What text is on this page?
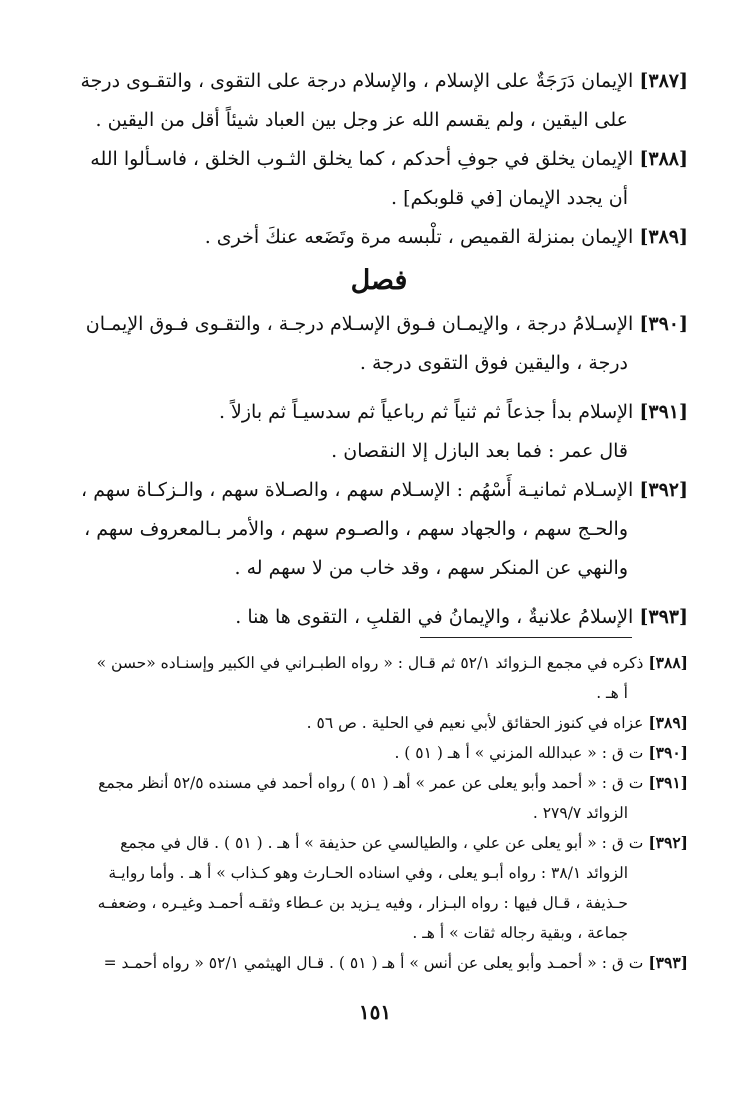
[٣٨٧] الإيمان دَرَجَةٌ على الإسلام ، والإسلام درجة على التقوى ، والتقـوى درجة

على اليقين ، ولم يقسم الله عز وجل بين العباد شيئاً أقل من اليقين .

[٣٨٨] الإيمان يخلق في جوفِ أحدكم ، كما يخلق الثـوب الخلق ، فاسـألوا الله

أن يجدد الإيمان [في قلوبكم] .

[٣٨٩] الإيمان بمنزلة القميص ، تلْبسه مرة وتَضَعه عنكَ أخرى .

فصل

[٣٩٠] الإسـلامُ درجة ، والإيمـان فـوق الإسـلام درجـة ، والتقـوى فـوق الإيمـان

درجة ، واليقين فوق التقوى درجة .

[٣٩١] الإسلام بدأ جذعاً ثم ثنياً ثم رباعياً ثم سدسيـاً ثم بازلاً .

قال عمر : فما بعد البازل إلا النقصان .

[٣٩٢] الإسـلام ثمانيـة أَسْهُم : الإسـلام سهم ، والصـلاة سهم ، والـزكـاة سهم ،

والحـج سهم ، والجهاد سهم ، والصـوم سهم ، والأمر بـالمعروف سهم ،

والنهي عن المنكر سهم ، وقد خاب من لا سهم له .

[٣٩٣] الإسلامُ علانيةٌ ، والإيمانُ في القلبِ ، التقوى ها هنا .

[٣٨٨] ذكره في مجمع الـزوائد ٥٢/١ ثم قـال : « رواه الطبـراني في الكبير وإسنـاده «حسن »

أ هـ .

[٣٨٩] عزاه في كنوز الحقائق لأبي نعيم في الحلية . ص ٥٦ .

[٣٩٠] ت ق : « عبدالله المزني » أ هـ ( ٥١ ) .

[٣٩١] ت ق : « أحمد وأبو يعلى عن عمر » أهـ ( ٥١ ) رواه أحمد في مسنده ٥٢/٥ أنظر مجمع

الزوائد ٢٧٩/٧ .

[٣٩٢] ت ق : « أبو يعلى عن علي ، والطيالسي عن حذيفة » أ هـ . ( ٥١ ) . قال في مجمع

الزوائد ٣٨/١ : رواه أبـو يعلى ، وفي اسناده الحـارث وهو كـذاب » أ هـ . وأما روايـة

حـذيفة ، قـال فيها : رواه البـزار ، وفيه يـزيد بن عـطاء وثقـه أحمـد وغيـره ، وضعفـه

جماعة ، وبقية رجاله ثقات » أ هـ .

[٣٩٣] ت ق : « أحمـد وأبو يعلى عن أنس » أ هـ ( ٥١ ) . قـال الهيثمي ٥٢/١ « رواه أحمـد =

١٥١
